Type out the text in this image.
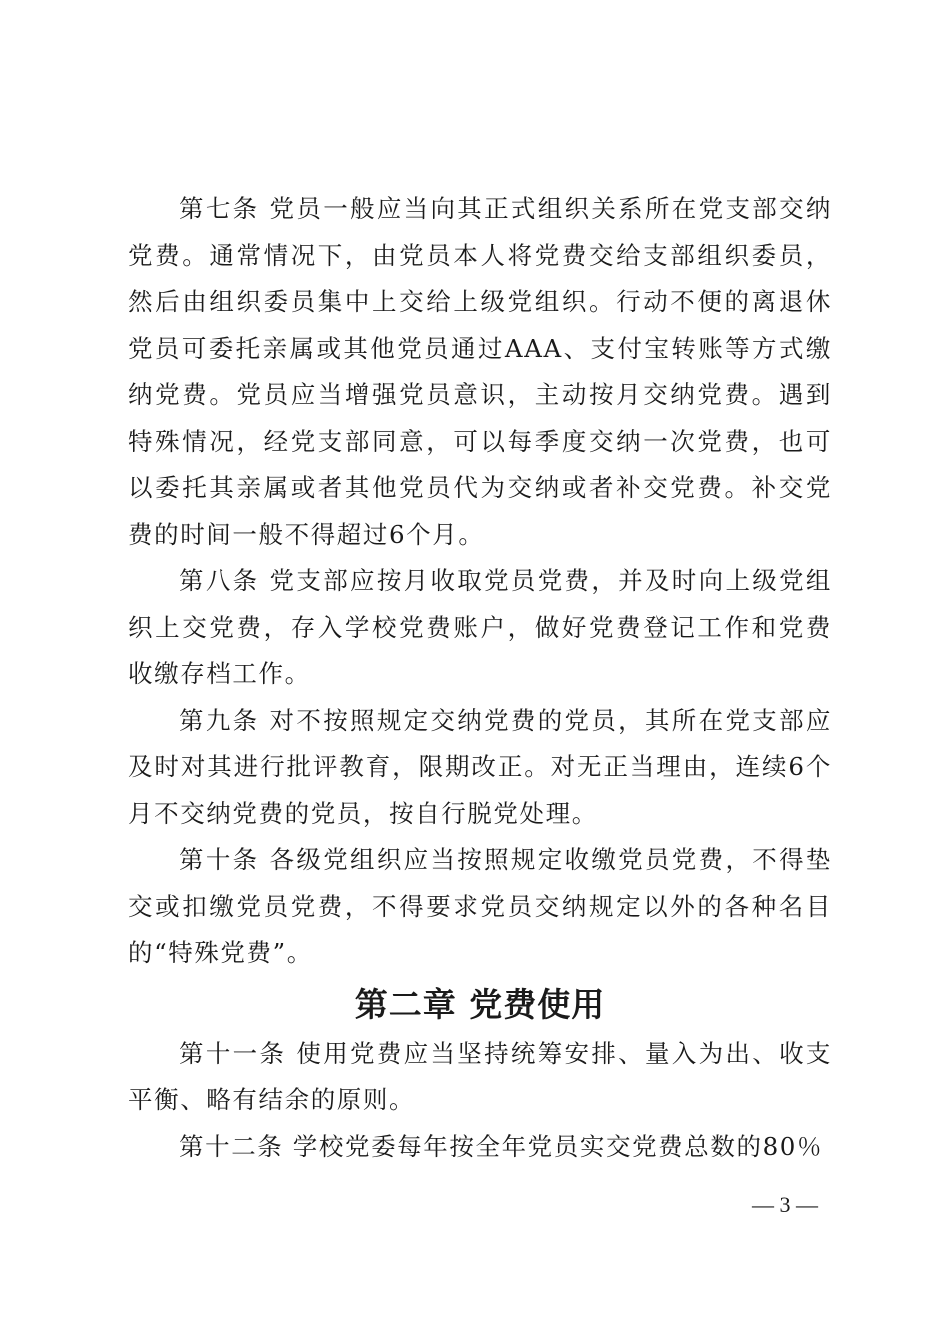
第七条 党员一般应当向其正式组织关系所在党支部交纳党费。通常情况下，由党员本人将党费交给支部组织委员，然后由组织委员集中上交给上级党组织。行动不便的离退休党员可委托亲属或其他党员通过AAA、支付宝转账等方式缴纳党费。党员应当增强党员意识，主动按月交纳党费。遇到特殊情况，经党支部同意，可以每季度交纳一次党费，也可以委托其亲属或者其他党员代为交纳或者补交党费。补交党费的时间一般不得超过6个月。

第八条 党支部应按月收取党员党费，并及时向上级党组织上交党费，存入学校党费账户，做好党费登记工作和党费收缴存档工作。

第九条 对不按照规定交纳党费的党员，其所在党支部应及时对其进行批评教育，限期改正。对无正当理由，连续6个月不交纳党费的党员，按自行脱党处理。

第十条 各级党组织应当按照规定收缴党员党费，不得垫交或扣缴党员党费，不得要求党员交纳规定以外的各种名目的“特殊党费”。

第二章 党费使用

第十一条 使用党费应当坚持统筹安排、量入为出、收支平衡、略有结余的原则。

第十二条 学校党委每年按全年党员实交党费总数的80％

— 3 —
